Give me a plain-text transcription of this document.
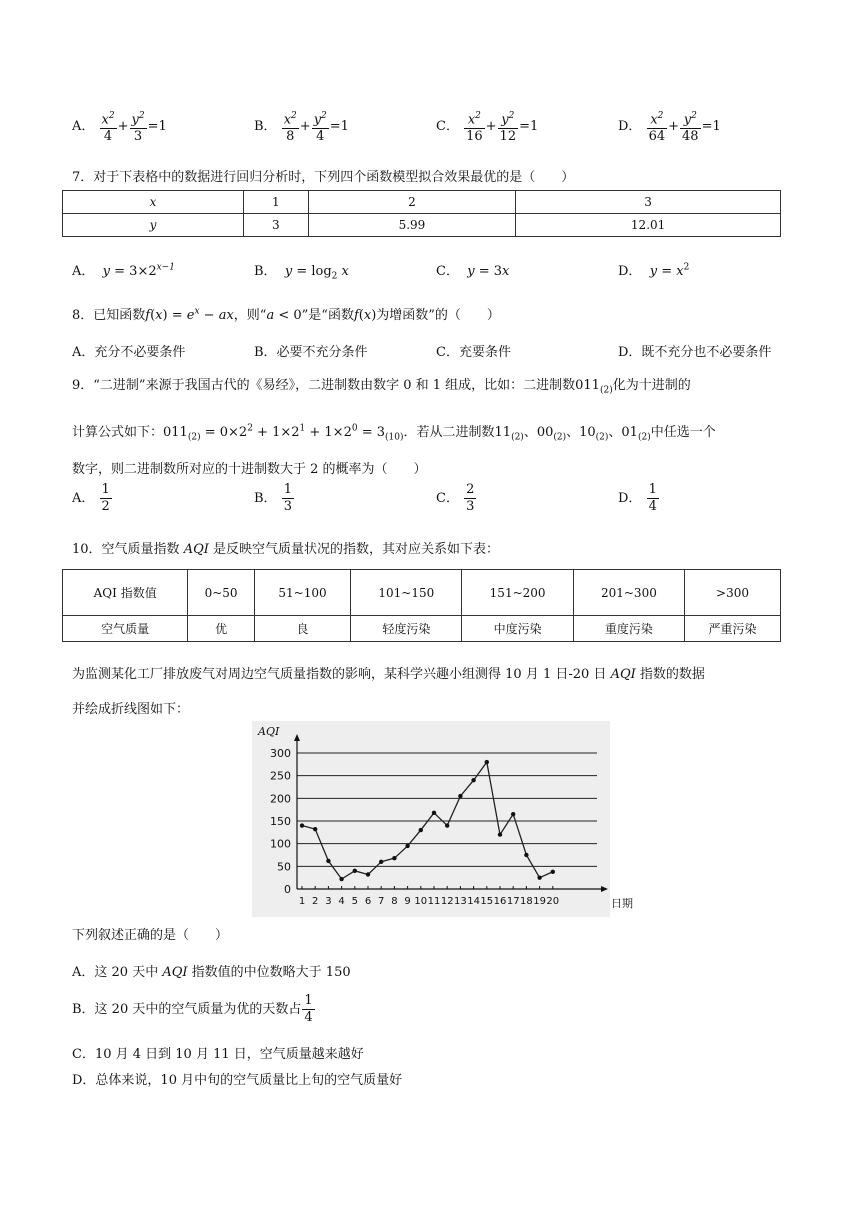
A． $\frac{x^2}{4} + \frac{y^2}{3} =1$	B． $\frac{x^2}{8} + \frac{y^2}{4} =1$	C． $\frac{x^2}{16} + \frac{y^2}{12} =1$	D． $\frac{x^2}{64} + \frac{y^2}{48} =1$
7．对于下表格中的数据进行回归分析时，下列四个函数模型拟合效果最优的是（　　）
x	1	2	3
y	3	5.99	12.01
A． $y = 3\times 2^{x-1}$	B． $y = \log_2 x$	C． y = 3x	D． $y = x^2$
8．已知函数$f(x) = e^x$ − ax，则“a < 0”是“函数f(x)为增函数”的（　　）
A．充分不必要条件	B．必要不充分条件	C．充要条件	D．既不充分也不必要条件
9．“二进制”来源于我国古代的《易经》，二进制数由数字 0 和 1 组成，比如：二进制数$011_{(2)}$化为十进制的
计算公式如下：$011_{(2)} = 0\times 2^2 + 1\times 2^1 + 1\times 2^0 = 3_{(10)}$．若从二进制数$11_{(2)}$、$00_{(2)}$、$10_{(2)}$、$01_{(2)}$中任选一个
数字，则二进制数所对应的十进制数大于 2 的概率为（　　）
A． $\frac{1}{2}$	B． $\frac{1}{3}$	C． $\frac{2}{3}$	D． $\frac{1}{4}$
10．空气质量指数 AQI 是反映空气质量状况的指数，其对应关系如下表：
AQI 指数值	0~50	51~100	101~150	151~200	201~300	>300
空气质量	优	良	轻度污染	中度污染	重度污染	严重污染
为监测某化工厂排放废气对周边空气质量指数的影响，某科学兴趣小组测得 10 月 1 日-20 日 AQI 指数的数据
并绘成折线图如下：
0
50
100
150
200
250
300
AQI
日期
1 2 3 4 5 6 7 8 9 10 11 12 13 14 15 16 17 18 19 20
下列叙述正确的是（　　）
A．这 20 天中 AQI 指数值的中位数略大于 150
B．这 20 天中的空气质量为优的天数占 $\frac{1}{4}$
C．10 月 4 日到 10 月 11 日，空气质量越来越好
D．总体来说，10 月中旬的空气质量比上旬的空气质量好
